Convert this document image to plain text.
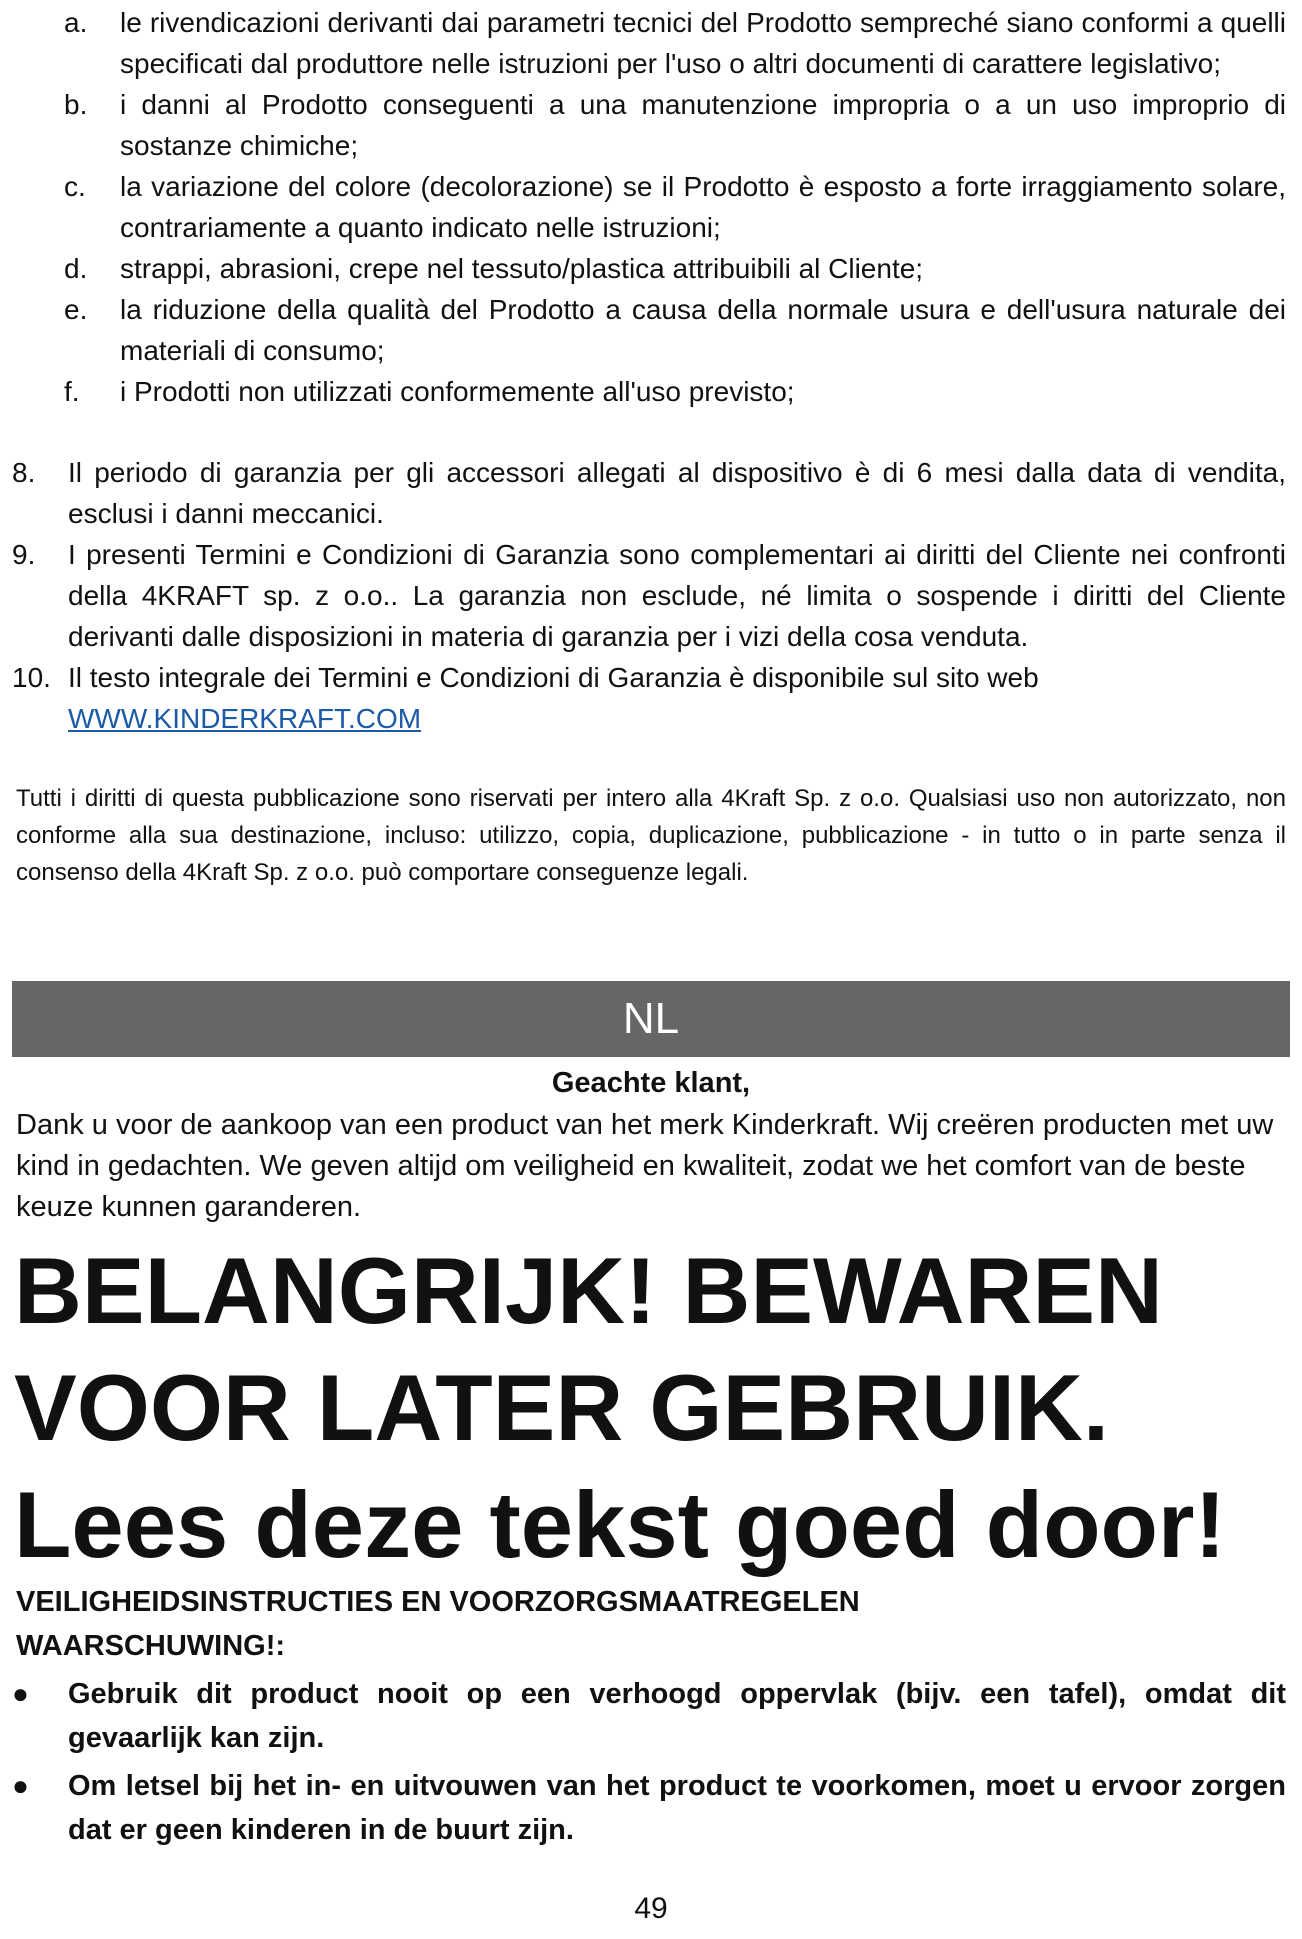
a.	le rivendicazioni derivanti dai parametri tecnici del Prodotto sempreché siano conformi a quelli specificati dal produttore nelle istruzioni per l'uso o altri documenti di carattere legislativo;
b.	i danni al Prodotto conseguenti a una manutenzione impropria o a un uso improprio di sostanze chimiche;
c.	la variazione del colore (decolorazione) se il Prodotto è esposto a forte irraggiamento solare, contrariamente a quanto indicato nelle istruzioni;
d.	strappi, abrasioni, crepe nel tessuto/plastica attribuibili al Cliente;
e.	la riduzione della qualità del Prodotto a causa della normale usura e dell'usura naturale dei materiali di consumo;
f.	i Prodotti non utilizzati conformemente all'uso previsto;
8.	Il periodo di garanzia per gli accessori allegati al dispositivo è di 6 mesi dalla data di vendita, esclusi i danni meccanici.
9.	I presenti Termini e Condizioni di Garanzia sono complementari ai diritti del Cliente nei confronti della 4KRAFT sp. z o.o.. La garanzia non esclude, né limita o sospende i diritti del Cliente derivanti dalle disposizioni in materia di garanzia per i vizi della cosa venduta.
10. Il testo integrale dei Termini e Condizioni di Garanzia è disponibile sul sito web
WWW.KINDERKRAFT.COM
Tutti i diritti di questa pubblicazione sono riservati per intero alla 4Kraft Sp. z o.o. Qualsiasi uso non autorizzato, non conforme alla sua destinazione, incluso: utilizzo, copia, duplicazione, pubblicazione - in tutto o in parte senza il consenso della 4Kraft Sp. z o.o. può comportare conseguenze legali.
NL
Geachte klant,
Dank u voor de aankoop van een product van het merk Kinderkraft. Wij creëren producten met uw kind in gedachten. We geven altijd om veiligheid en kwaliteit, zodat we het comfort van de beste keuze kunnen garanderen.
BELANGRIJK! BEWAREN VOOR LATER GEBRUIK. Lees deze tekst goed door!
VEILIGHEIDSINSTRUCTIES EN VOORZORGSMAATREGELEN
WAARSCHUWING!:
●	Gebruik dit product nooit op een verhoogd oppervlak (bijv. een tafel), omdat dit gevaarlijk kan zijn.
●	Om letsel bij het in- en uitvouwen van het product te voorkomen, moet u ervoor zorgen dat er geen kinderen in de buurt zijn.
49
